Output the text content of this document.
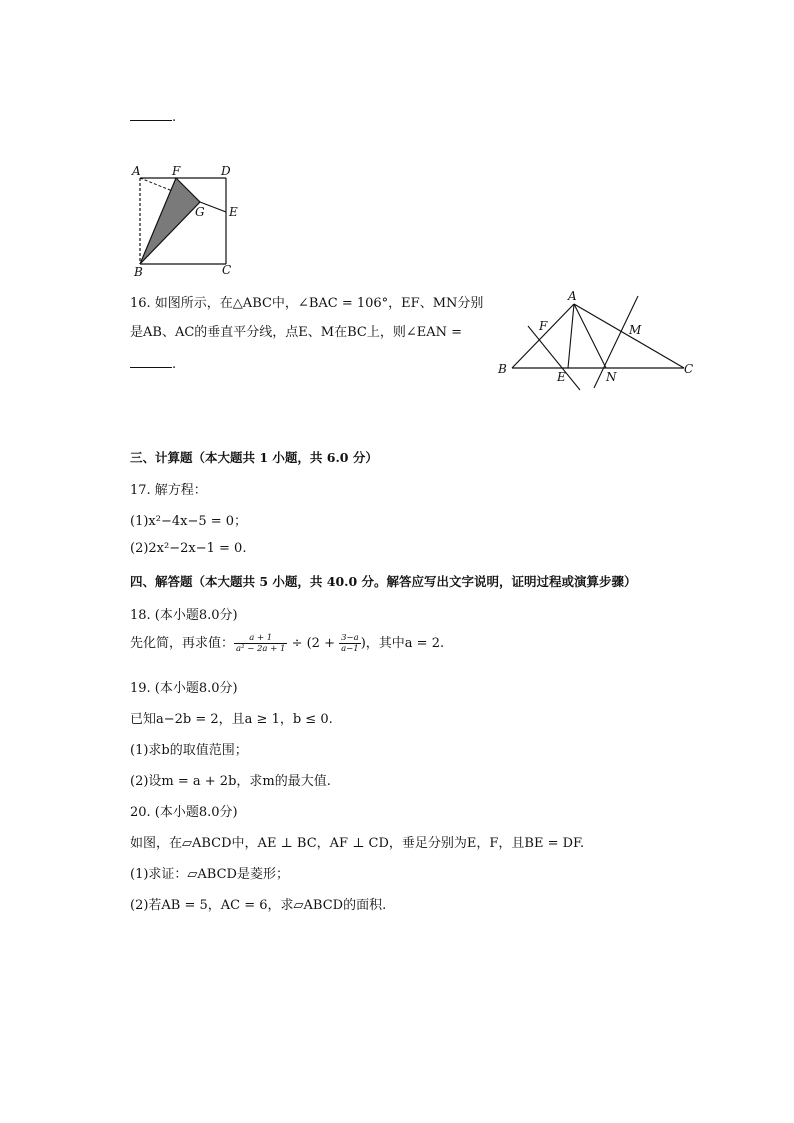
.
A	F	D
G E
B	C
16. 如图所示，在△ABC中，∠BAC = 106°，EF、MN分别
是AB、AC的垂直平分线，点E、M在BC上，则∠EAN =
.
A
F	M
B
E	N
C
三、计算题（本大题共 1 小题，共 6.0 分）
17. 解方程：
(1)x²−4x−5 = 0；
(2)2x²−2x−1 = 0.
四、解答题（本大题共 5 小题，共 40.0 分。解答应写出文字说明，证明过程或演算步骤）
18. (本小题8.0分)
先化简，再求值： $\frac{a + 1}{\text{a² − 2a + 1}} \div (2 + \frac{3-a}{a-1}$ )，其中a = 2.
19. (本小题8.0分)
已知a−2b = 2，且a ≥ 1，b ≤ 0.
(1)求b的取值范围；
(2)设m = a + 2b，求m的最大值.
20. (本小题8.0分)
如图，在▱ABCD中，AE ⊥ BC，AF ⊥ CD，垂足分别为E，F，且BE = DF.
(1)求证：▱ABCD是菱形；
(2)若AB = 5，AC = 6，求▱ABCD的面积.
